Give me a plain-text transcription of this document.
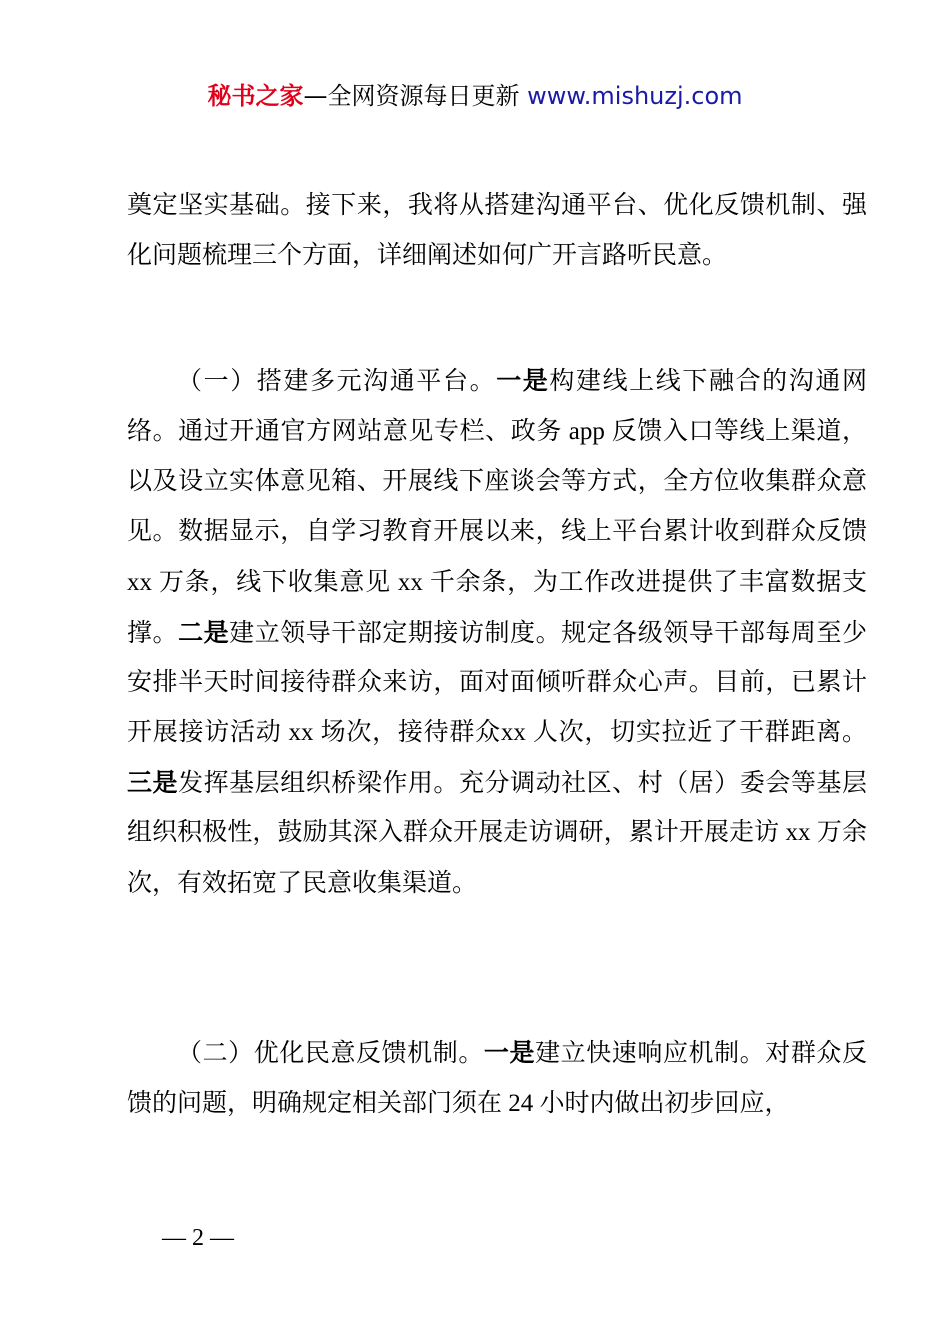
秘书之家—全网资源每日更新 www.mishuzj.com

奠定坚实基础。接下来，我将从搭建沟通平台、优化反馈机制、强化问题梳理三个方面，详细阐述如何广开言路听民意。

（一）搭建多元沟通平台。一是构建线上线下融合的沟通网络。通过开通官方网站意见专栏、政务 app 反馈入口等线上渠道，以及设立实体意见箱、开展线下座谈会等方式，全方位收集群众意见。数据显示，自学习教育开展以来，线上平台累计收到群众反馈 xx 万条，线下收集意见 xx 千余条，为工作改进提供了丰富数据支撑。二是建立领导干部定期接访制度。规定各级领导干部每周至少安排半天时间接待群众来访，面对面倾听群众心声。目前，已累计开展接访活动 xx 场次，接待群众xx 人次，切实拉近了干群距离。三是发挥基层组织桥梁作用。充分调动社区、村（居）委会等基层组织积极性，鼓励其深入群众开展走访调研，累计开展走访 xx 万余次，有效拓宽了民意收集渠道。

（二）优化民意反馈机制。一是建立快速响应机制。对群众反馈的问题，明确规定相关部门须在 24 小时内做出初步回应，

— 2 —
